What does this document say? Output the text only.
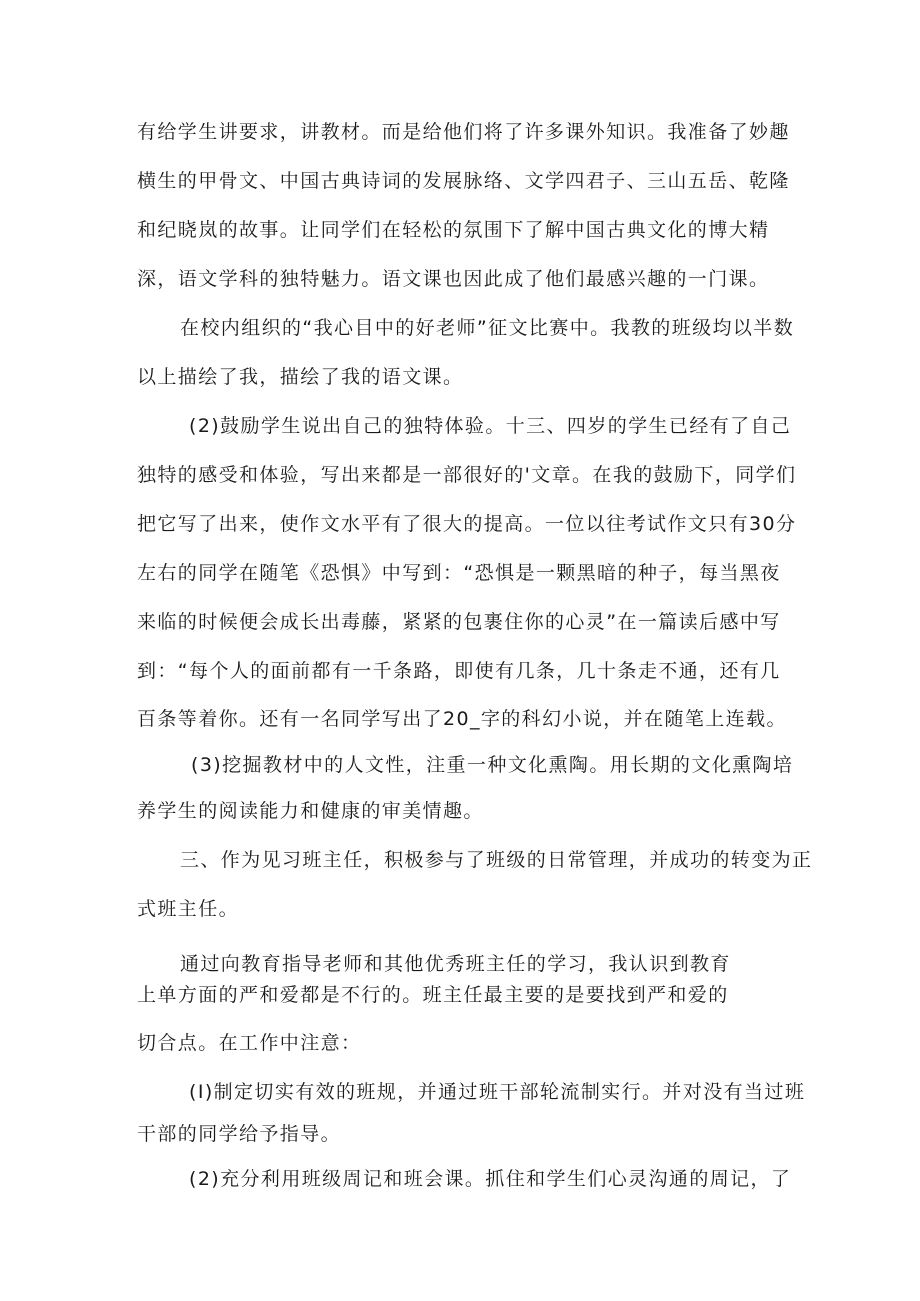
有给学生讲要求，讲教材。而是给他们将了许多课外知识。我准备了妙趣
横生的甲骨文、中国古典诗词的发展脉络、文学四君子、三山五岳、乾隆
和纪晓岚的故事。让同学们在轻松的氛围下了解中国古典文化的博大精
深，语文学科的独特魅力。语文课也因此成了他们最感兴趣的一门课。
在校内组织的“我心目中的好老师”征文比赛中。我教的班级均以半数
以上描绘了我，描绘了我的语文课。
(2)鼓励学生说出自己的独特体验。十三、四岁的学生已经有了自己
独特的感受和体验，写出来都是一部很好的'文章。在我的鼓励下，同学们
把它写了出来，使作文水平有了很大的提高。一位以往考试作文只有30分
左右的同学在随笔《恐惧》中写到：“恐惧是一颗黑暗的种子，每当黑夜
来临的时候便会成长出毒藤，紧紧的包裹住你的心灵”在一篇读后感中写
到：“每个人的面前都有一千条路，即使有几条，几十条走不通，还有几
百条等着你。还有一名同学写出了20_字的科幻小说，并在随笔上连载。
(3)挖掘教材中的人文性，注重一种文化熏陶。用长期的文化熏陶培
养学生的阅读能力和健康的审美情趣。
三、作为见习班主任，积极参与了班级的日常管理，并成功的转变为正
式班主任。
通过向教育指导老师和其他优秀班主任的学习，我认识到教育
上单方面的严和爱都是不行的。班主任最主要的是要找到严和爱的
切合点。在工作中注意：
(I)制定切实有效的班规，并通过班干部轮流制实行。并对没有当过班
干部的同学给予指导。
(2)充分利用班级周记和班会课。抓住和学生们心灵沟通的周记，了
